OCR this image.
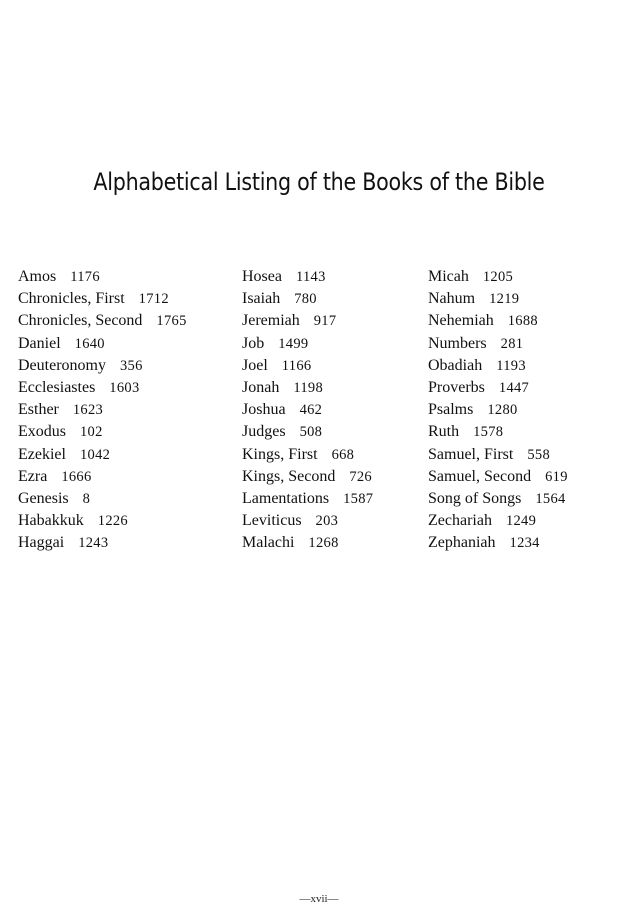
Alphabetical Listing of the Books of the Bible
Amos 1176
Chronicles, First 1712
Chronicles, Second 1765
Daniel 1640
Deuteronomy 356
Ecclesiastes 1603
Esther 1623
Exodus 102
Ezekiel 1042
Ezra 1666
Genesis 8
Habakkuk 1226
Haggai 1243
Hosea 1143
Isaiah 780
Jeremiah 917
Job 1499
Joel 1166
Jonah 1198
Joshua 462
Judges 508
Kings, First 668
Kings, Second 726
Lamentations 1587
Leviticus 203
Malachi 1268
Micah 1205
Nahum 1219
Nehemiah 1688
Numbers 281
Obadiah 1193
Proverbs 1447
Psalms 1280
Ruth 1578
Samuel, First 558
Samuel, Second 619
Song of Songs 1564
Zechariah 1249
Zephaniah 1234
—xvii—
